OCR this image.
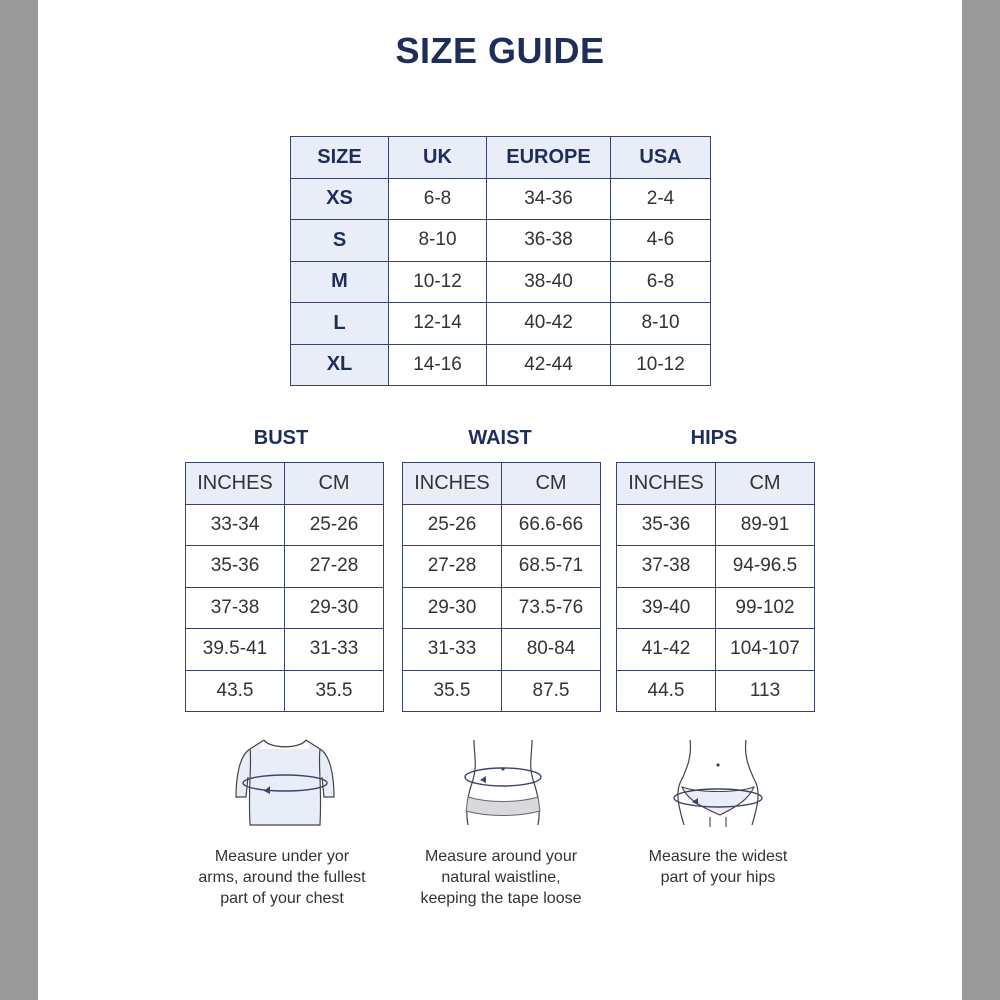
SIZE GUIDE
SIZE	UK	EUROPE	USA
XS	6-8	34-36	2-4
S	8-10	36-38	4-6
M	10-12	38-40	6-8
L	12-14	40-42	8-10
XL	14-16	42-44	10-12
BUST	WAIST	HIPS
INCHES	CM
33-34	25-26
35-36	27-28
37-38	29-30
39.5-41	31-33
43.5	35.5
INCHES	CM
25-26	66.6-66
27-28	68.5-71
29-30	73.5-76
31-33	80-84
35.5	87.5
INCHES	CM
35-36	89-91
37-38	94-96.5
39-40	99-102
41-42	104-107
44.5	113
Measure under yor
arms, around the fullest
part of your chest
Measure around your
natural waistline,
keeping the tape loose
Measure the widest
part of your hips
